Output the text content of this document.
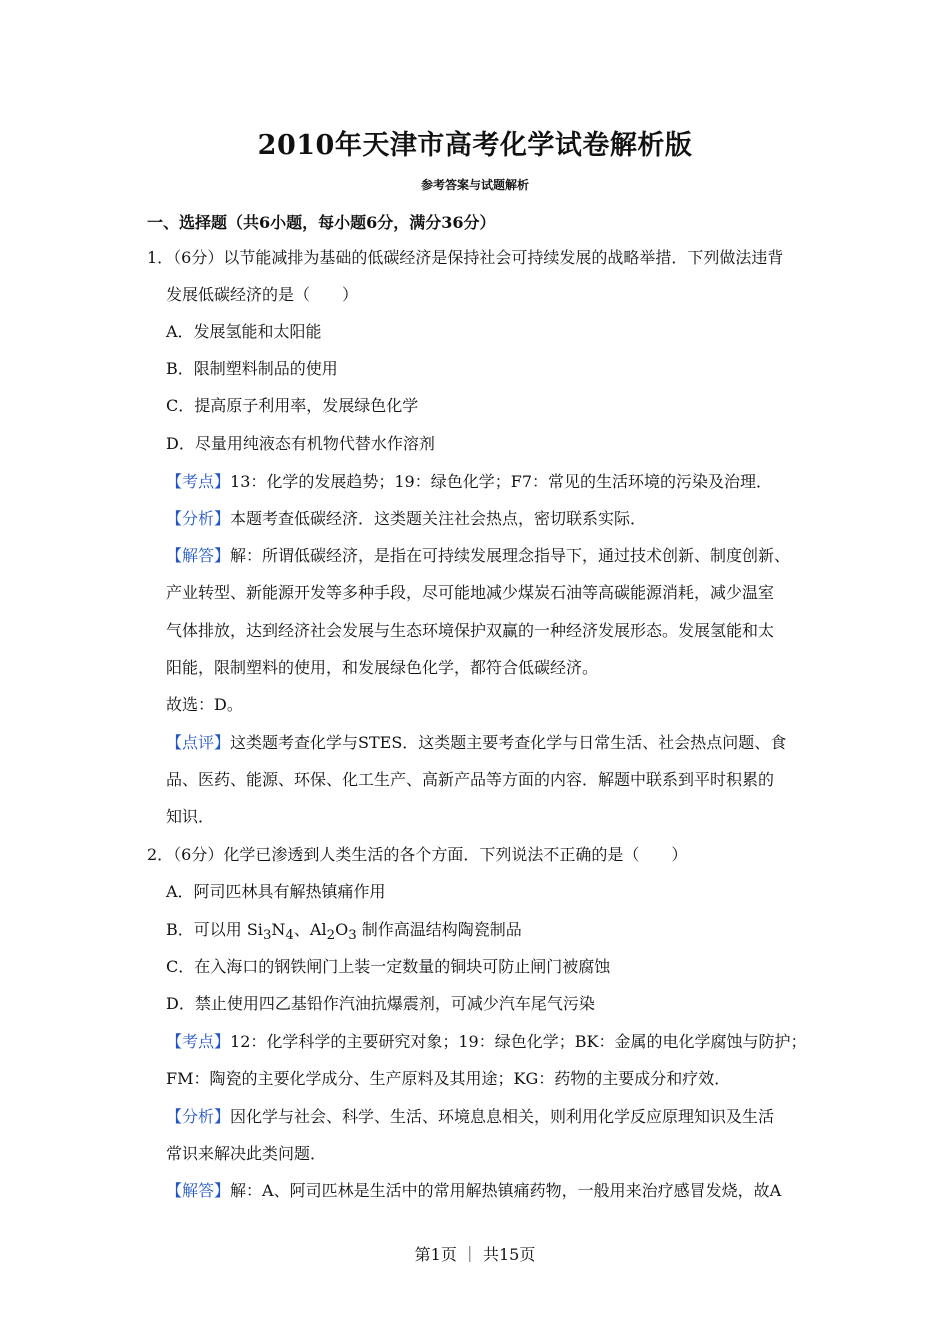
2010年天津市高考化学试卷解析版
参考答案与试题解析
一、选择题（共6小题，每小题6分，满分36分）
1．（6分）以节能减排为基础的低碳经济是保持社会可持续发展的战略举措．下列做法违背
发展低碳经济的是（　　）
A．发展氢能和太阳能
B．限制塑料制品的使用
C．提高原子利用率，发展绿色化学
D．尽量用纯液态有机物代替水作溶剂
【考点】13：化学的发展趋势；19：绿色化学；F7：常见的生活环境的污染及治理．
【分析】本题考查低碳经济．这类题关注社会热点，密切联系实际．
【解答】解：所谓低碳经济，是指在可持续发展理念指导下，通过技术创新、制度创新、
产业转型、新能源开发等多种手段，尽可能地减少煤炭石油等高碳能源消耗，减少温室
气体排放，达到经济社会发展与生态环境保护双赢的一种经济发展形态。发展氢能和太
阳能，限制塑料的使用，和发展绿色化学，都符合低碳经济。
故选：D。
【点评】这类题考查化学与STES．这类题主要考查化学与日常生活、社会热点问题、食
品、医药、能源、环保、化工生产、高新产品等方面的内容．解题中联系到平时积累的
知识．
2．（6分）化学已渗透到人类生活的各个方面．下列说法不正确的是（　　）
A．阿司匹林具有解热镇痛作用
B．可以用 $Si_3N_4$、$Al_2O_3$ 制作高温结构陶瓷制品
C．在入海口的钢铁闸门上装一定数量的铜块可防止闸门被腐蚀
D．禁止使用四乙基铅作汽油抗爆震剂，可减少汽车尾气污染
【考点】12：化学科学的主要研究对象；19：绿色化学；BK：金属的电化学腐蚀与防护；
FM：陶瓷的主要化学成分、生产原料及其用途；KG：药物的主要成分和疗效．
【分析】因化学与社会、科学、生活、环境息息相关，则利用化学反应原理知识及生活
常识来解决此类问题．
【解答】解：A、阿司匹林是生活中的常用解热镇痛药物，一般用来治疗感冒发烧，故A
第1页 ｜ 共15页
